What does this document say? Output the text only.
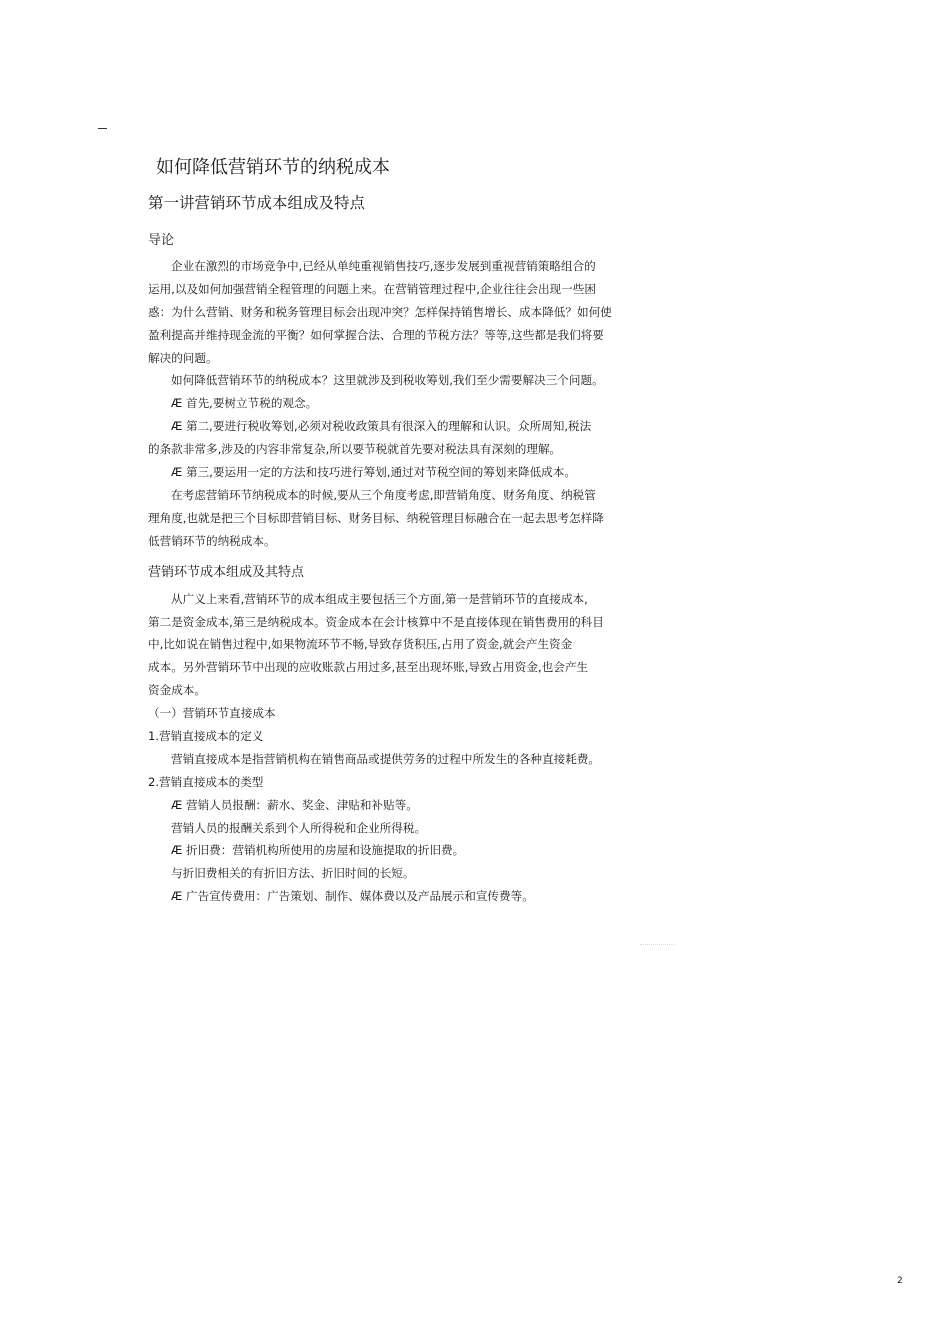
如何降低营销环节的纳税成本
第一讲营销环节成本组成及特点
导论
企业在激烈的市场竞争中,已经从单纯重视销售技巧,逐步发展到重视营销策略组合的
运用,以及如何加强营销全程管理的问题上来。在营销管理过程中,企业往往会出现一些困
惑：为什么营销、财务和税务管理目标会出现冲突？怎样保持销售增长、成本降低？如何使
盈利提高并维持现金流的平衡？如何掌握合法、合理的节税方法？等等,这些都是我们将要
解决的问题。
如何降低营销环节的纳税成本？这里就涉及到税收筹划,我们至少需要解决三个问题。
Æ 首先,要树立节税的观念。
Æ 第二,要进行税收筹划,必须对税收政策具有很深入的理解和认识。众所周知,税法
的条款非常多,涉及的内容非常复杂,所以要节税就首先要对税法具有深刻的理解。
Æ 第三,要运用一定的方法和技巧进行筹划,通过对节税空间的筹划来降低成本。
在考虑营销环节纳税成本的时候,要从三个角度考虑,即营销角度、财务角度、纳税管
理角度,也就是把三个目标即营销目标、财务目标、纳税管理目标融合在一起去思考怎样降
低营销环节的纳税成本。
营销环节成本组成及其特点
从广义上来看,营销环节的成本组成主要包括三个方面,第一是营销环节的直接成本,
第二是资金成本,第三是纳税成本。资金成本在会计核算中不是直接体现在销售费用的科目
中,比如说在销售过程中,如果物流环节不畅,导致存货积压,占用了资金,就会产生资金
成本。另外营销环节中出现的应收账款占用过多,甚至出现坏账,导致占用资金,也会产生
资金成本。
（一）营销环节直接成本
1.营销直接成本的定义
营销直接成本是指营销机构在销售商品或提供劳务的过程中所发生的各种直接耗费。
2.营销直接成本的类型
Æ 营销人员报酬：薪水、奖金、津贴和补贴等。
营销人员的报酬关系到个人所得税和企业所得税。
Æ 折旧费：营销机构所使用的房屋和设施提取的折旧费。
与折旧费相关的有折旧方法、折旧时间的长短。
Æ 广告宣传费用：广告策划、制作、媒体费以及产品展示和宣传费等。
2
